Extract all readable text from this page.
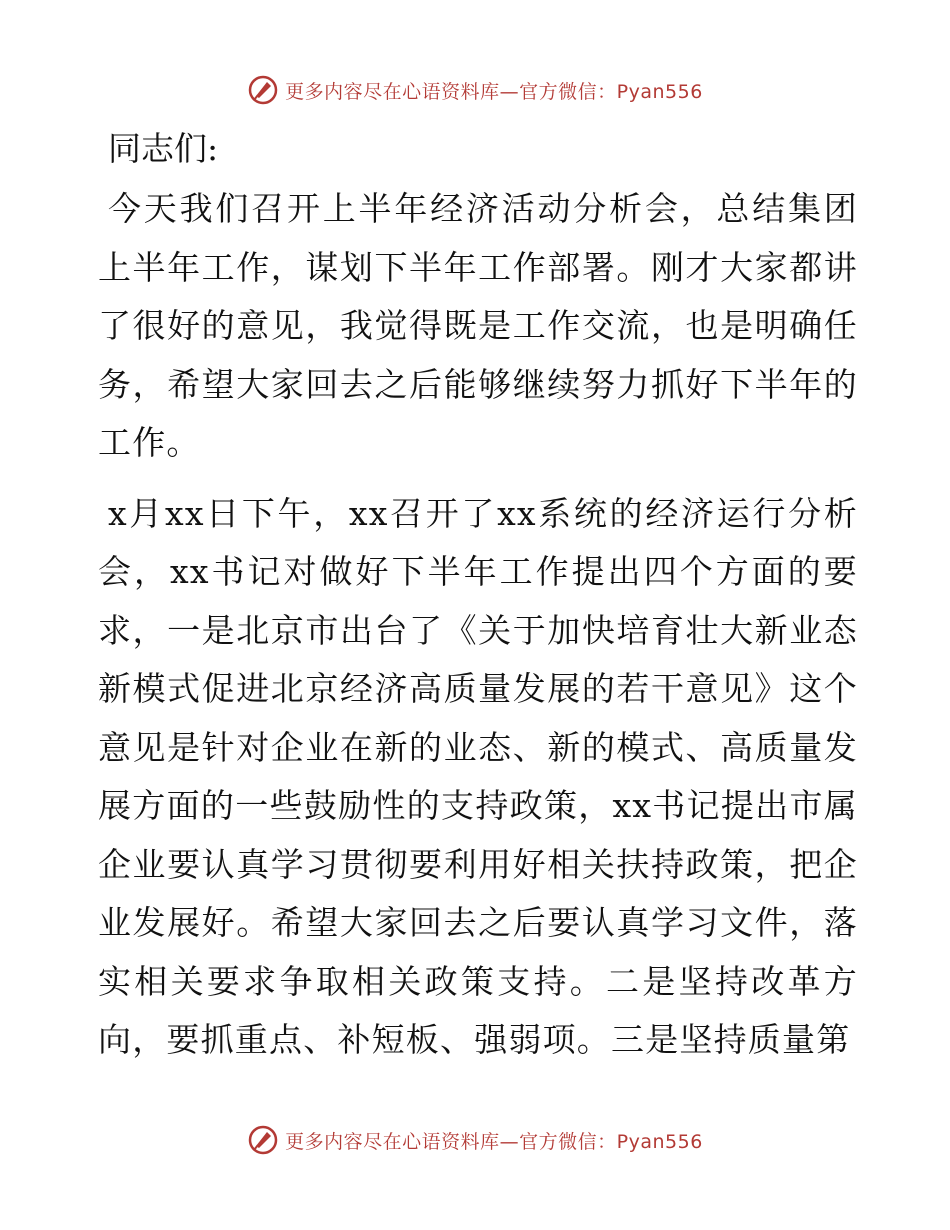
更多内容尽在心语资料库—官方微信：Pyan556
同志们:

今天我们召开上半年经济活动分析会，总结集团上半年工作，谋划下半年工作部署。刚才大家都讲了很好的意见，我觉得既是工作交流，也是明确任务，希望大家回去之后能够继续努力抓好下半年的工作。

x月xx日下午，xx召开了xx系统的经济运行分析会，xx书记对做好下半年工作提出四个方面的要求，一是北京市出台了《关于加快培育壮大新业态新模式促进北京经济高质量发展的若干意见》这个意见是针对企业在新的业态、新的模式、高质量发展方面的一些鼓励性的支持政策，xx书记提出市属企业要认真学习贯彻要利用好相关扶持政策，把企业发展好。希望大家回去之后要认真学习文件，落实相关要求争取相关政策支持。二是坚持改革方向，要抓重点、补短板、强弱项。三是坚持质量第

更多内容尽在心语资料库—官方微信：Pyan556
